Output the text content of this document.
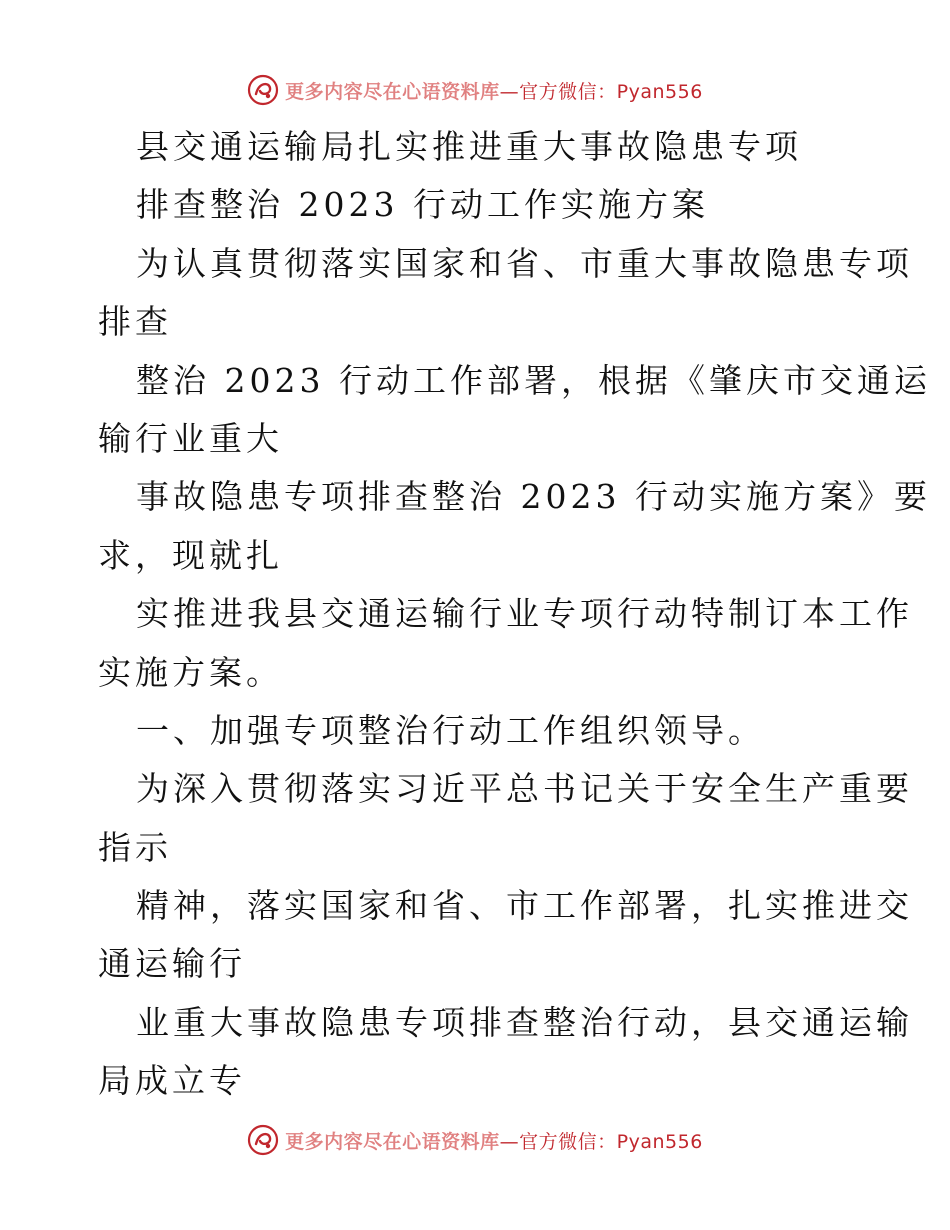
更多内容尽在心语资料库—官方微信：Pyan556
县交通运输局扎实推进重大事故隐患专项
排查整治 2023 行动工作实施方案
为认真贯彻落实国家和省、市重大事故隐患专项
排查
整治 2023 行动工作部署，根据《肇庆市交通运
输行业重大
事故隐患专项排查整治 2023 行动实施方案》要
求，现就扎
实推进我县交通运输行业专项行动特制订本工作
实施方案。
一、加强专项整治行动工作组织领导。
为深入贯彻落实习近平总书记关于安全生产重要
指示
精神，落实国家和省、市工作部署，扎实推进交
通运输行
业重大事故隐患专项排查整治行动，县交通运输
局成立专
更多内容尽在心语资料库—官方微信：Pyan556
